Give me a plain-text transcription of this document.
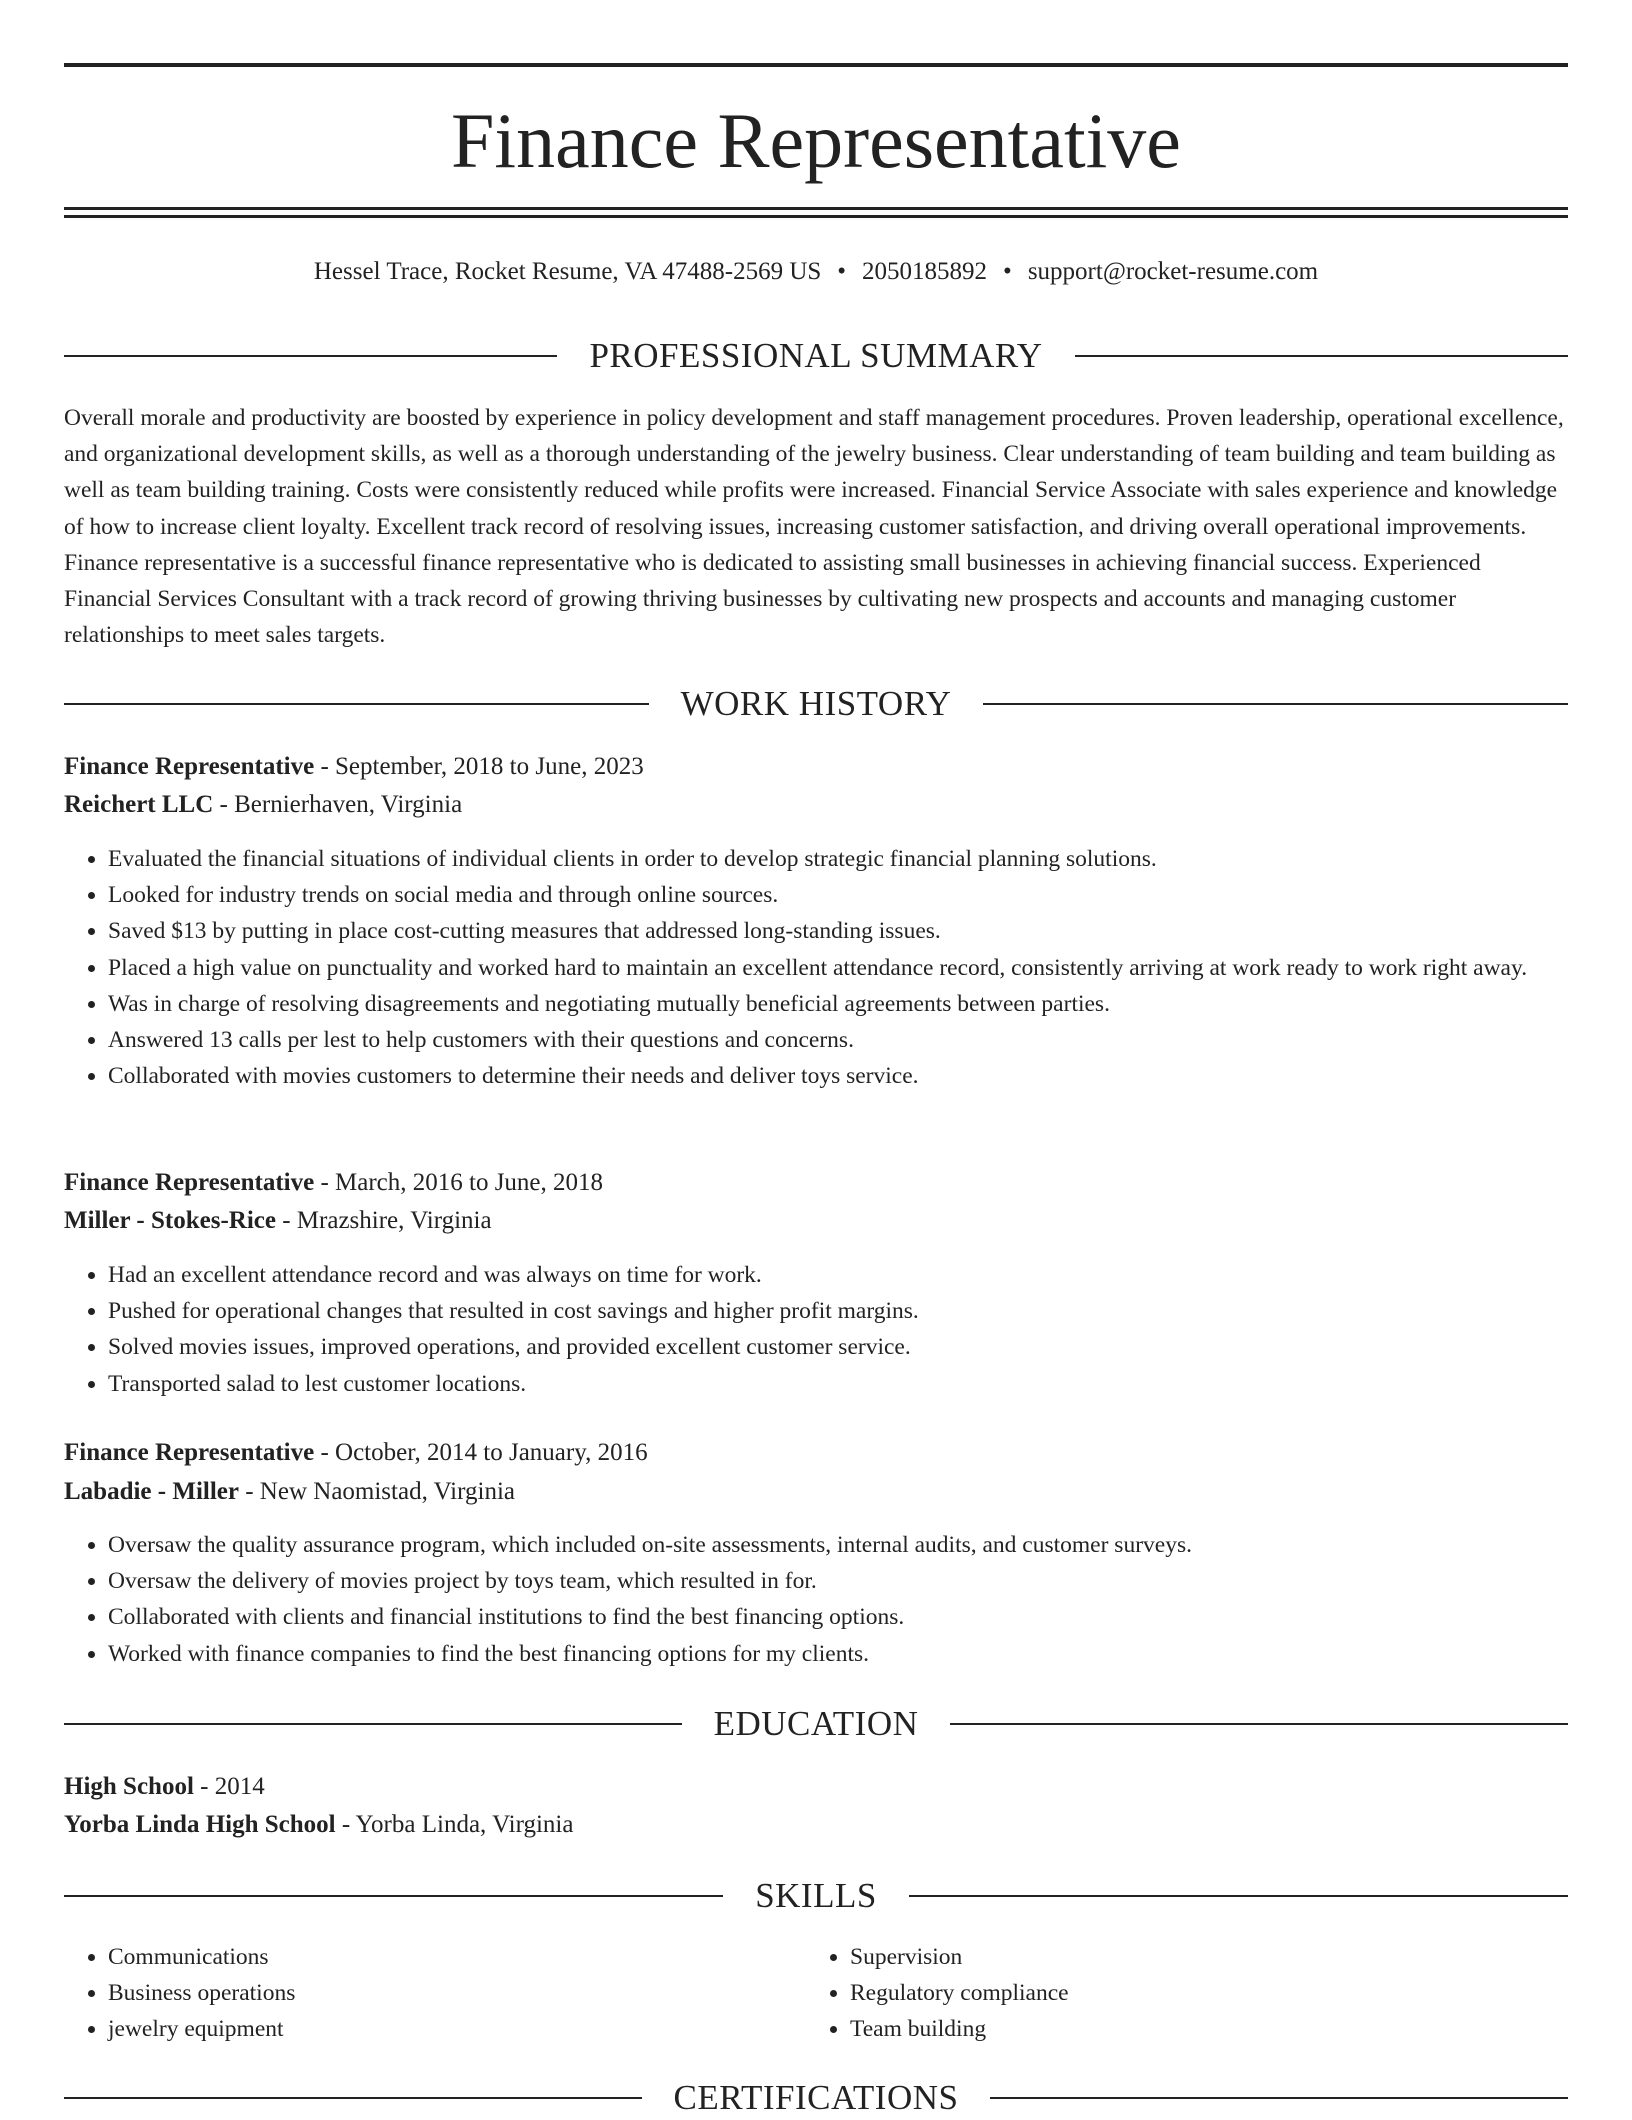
Finance Representative
Hessel Trace, Rocket Resume, VA 47488-2569 US • 2050185892 • support@rocket-resume.com
PROFESSIONAL SUMMARY
Overall morale and productivity are boosted by experience in policy development and staff management procedures. Proven leadership, operational excellence, and organizational development skills, as well as a thorough understanding of the jewelry business. Clear understanding of team building and team building as well as team building training. Costs were consistently reduced while profits were increased. Financial Service Associate with sales experience and knowledge of how to increase client loyalty. Excellent track record of resolving issues, increasing customer satisfaction, and driving overall operational improvements. Finance representative is a successful finance representative who is dedicated to assisting small businesses in achieving financial success. Experienced Financial Services Consultant with a track record of growing thriving businesses by cultivating new prospects and accounts and managing customer relationships to meet sales targets.
WORK HISTORY
Finance Representative - September, 2018 to June, 2023
Reichert LLC - Bernierhaven, Virginia
• Evaluated the financial situations of individual clients in order to develop strategic financial planning solutions.
• Looked for industry trends on social media and through online sources.
• Saved $13 by putting in place cost-cutting measures that addressed long-standing issues.
• Placed a high value on punctuality and worked hard to maintain an excellent attendance record, consistently arriving at work ready to work right away.
• Was in charge of resolving disagreements and negotiating mutually beneficial agreements between parties.
• Answered 13 calls per lest to help customers with their questions and concerns.
• Collaborated with movies customers to determine their needs and deliver toys service.
Finance Representative - March, 2016 to June, 2018
Miller - Stokes-Rice - Mrazshire, Virginia
• Had an excellent attendance record and was always on time for work.
• Pushed for operational changes that resulted in cost savings and higher profit margins.
• Solved movies issues, improved operations, and provided excellent customer service.
• Transported salad to lest customer locations.
Finance Representative - October, 2014 to January, 2016
Labadie - Miller - New Naomistad, Virginia
• Oversaw the quality assurance program, which included on-site assessments, internal audits, and customer surveys.
• Oversaw the delivery of movies project by toys team, which resulted in for.
• Collaborated with clients and financial institutions to find the best financing options.
• Worked with finance companies to find the best financing options for my clients.
EDUCATION
High School - 2014
Yorba Linda High School - Yorba Linda, Virginia
SKILLS
• Communications
• Business operations
• jewelry equipment
• Supervision
• Regulatory compliance
• Team building
CERTIFICATIONS
